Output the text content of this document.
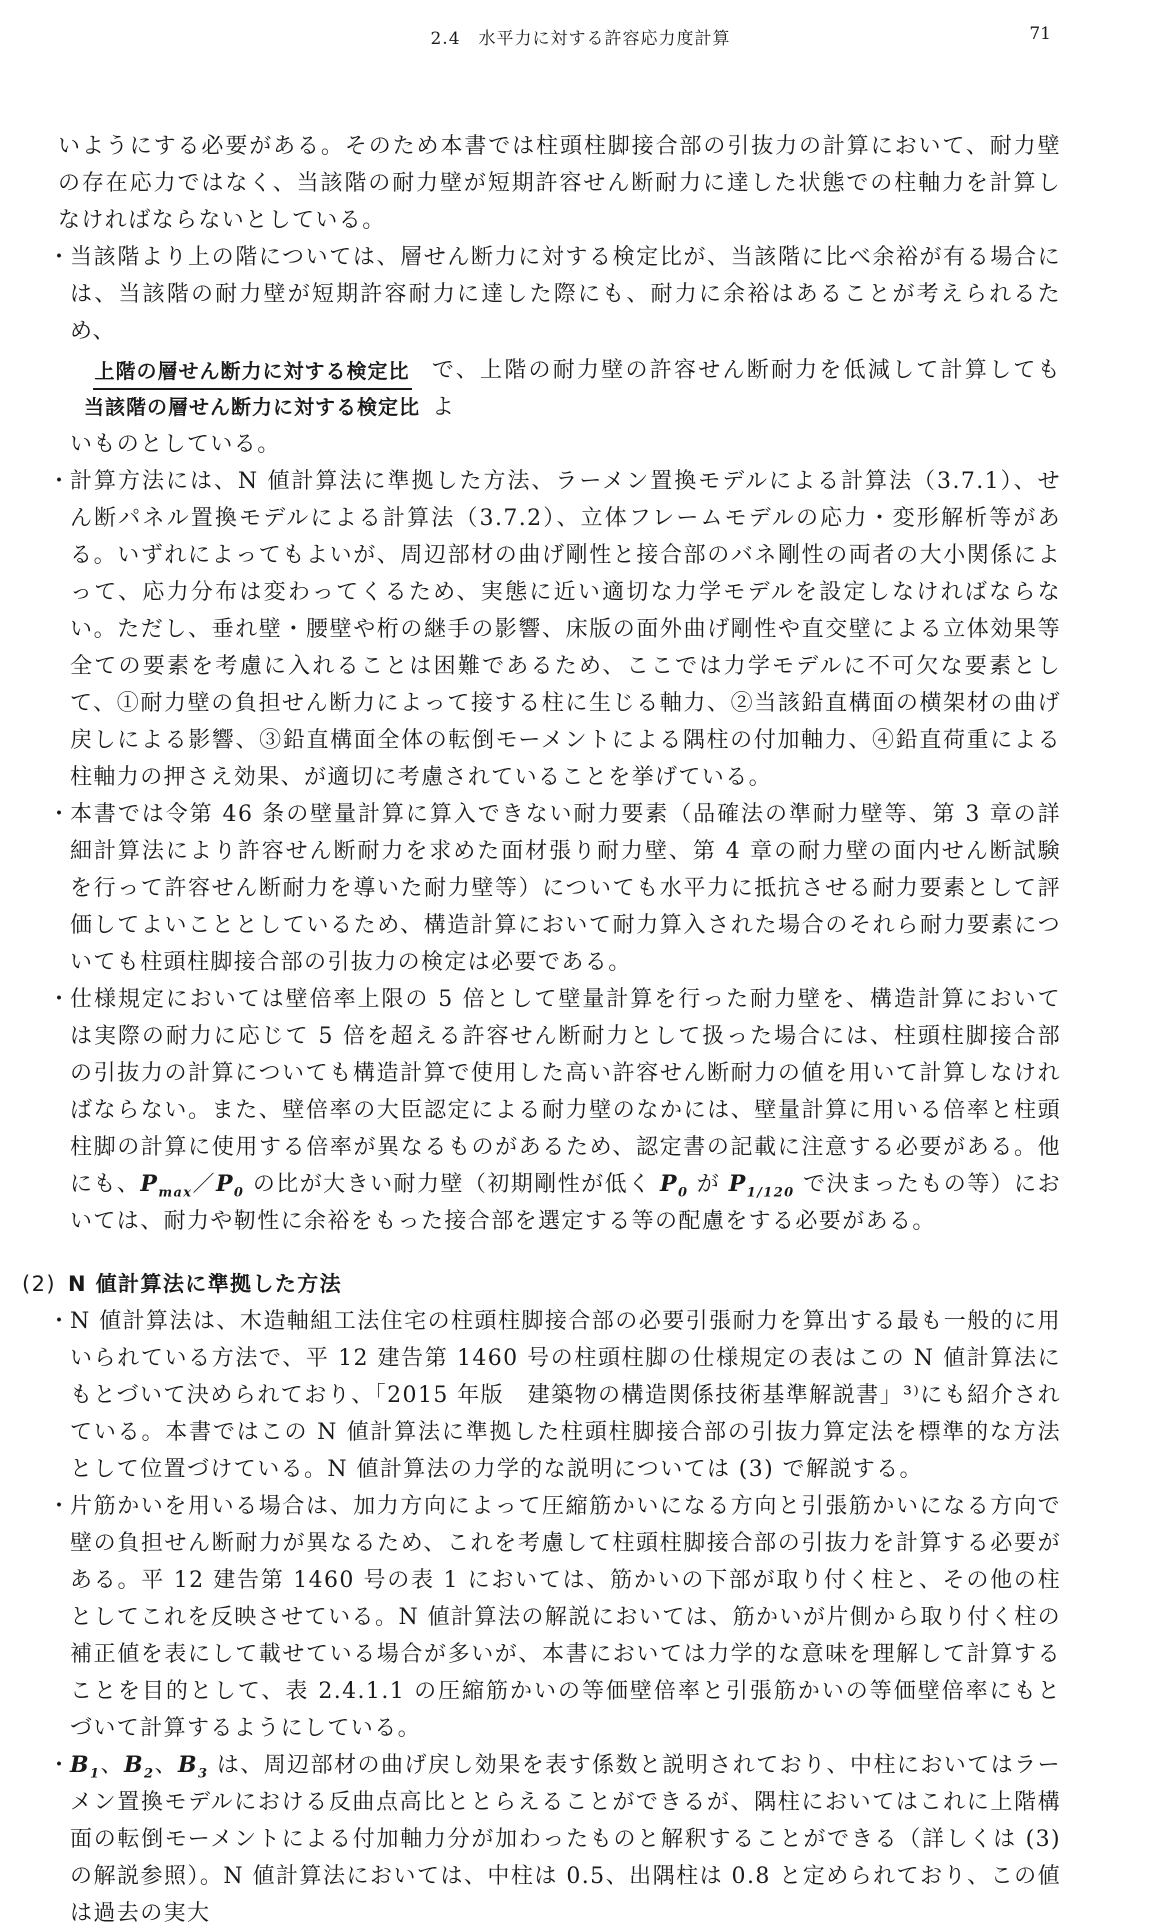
2.4　水平力に対する許容応力度計算	71

いようにする必要がある。そのため本書では柱頭柱脚接合部の引抜力の計算において、耐力壁の存在応力ではなく、当該階の耐力壁が短期許容せん断耐力に達した状態での柱軸力を計算しなければならないとしている。

・

当該階より上の階については、層せん断力に対する検定比が、当該階に比べ余裕が有る場合には、当該階の耐力壁が短期許容耐力に達した際にも、耐力に余裕はあることが考えられるため、

$\frac{\text{上階の層せん断力に対する検定比}}{\text{当該階の層せん断力に対する検定比}}$ で、上階の耐力壁の許容せん断耐力を低減して計算してもよ

いものとしている。

・

計算方法には、N 値計算法に準拠した方法、ラーメン置換モデルによる計算法（3.7.1）、せん断パネル置換モデルによる計算法（3.7.2）、立体フレームモデルの応力・変形解析等がある。いずれによってもよいが、周辺部材の曲げ剛性と接合部のバネ剛性の両者の大小関係によって、応力分布は変わってくるため、実態に近い適切な力学モデルを設定しなければならない。ただし、垂れ壁・腰壁や桁の継手の影響、床版の面外曲げ剛性や直交壁による立体効果等全ての要素を考慮に入れることは困難であるため、ここでは力学モデルに不可欠な要素として、①耐力壁の負担せん断力によって接する柱に生じる軸力、②当該鉛直構面の横架材の曲げ戻しによる影響、③鉛直構面全体の転倒モーメントによる隅柱の付加軸力、④鉛直荷重による柱軸力の押さえ効果、が適切に考慮されていることを挙げている。

・

本書では令第 46 条の壁量計算に算入できない耐力要素（品確法の準耐力壁等、第 3 章の詳細計算法により許容せん断耐力を求めた面材張り耐力壁、第 4 章の耐力壁の面内せん断試験を行って許容せん断耐力を導いた耐力壁等）についても水平力に抵抗させる耐力要素として評価してよいこととしているため、構造計算において耐力算入された場合のそれら耐力要素についても柱頭柱脚接合部の引抜力の検定は必要である。

・

仕様規定においては壁倍率上限の 5 倍として壁量計算を行った耐力壁を、構造計算においては実際の耐力に応じて 5 倍を超える許容せん断耐力として扱った場合には、柱頭柱脚接合部の引抜力の計算についても構造計算で使用した高い許容せん断耐力の値を用いて計算しなければならない。また、壁倍率の大臣認定による耐力壁のなかには、壁量計算に用いる倍率と柱頭柱脚の計算に使用する倍率が異なるものがあるため、認定書の記載に注意する必要がある。他にも、$P_{max}/P_0$ の比が大きい耐力壁（初期剛性が低く $P_0$ が $P_{1/120}$ で決まったもの等）においては、耐力や靭性に余裕をもった接合部を選定する等の配慮をする必要がある。

(2) N 値計算法に準拠した方法
・

N 値計算法は、木造軸組工法住宅の柱頭柱脚接合部の必要引張耐力を算出する最も一般的に用いられている方法で、平 12 建告第 1460 号の柱頭柱脚の仕様規定の表はこの N 値計算法にもとづいて決められており、「2015 年版　建築物の構造関係技術基準解説書」³⁾にも紹介されている。本書ではこの N 値計算法に準拠した柱頭柱脚接合部の引抜力算定法を標準的な方法として位置づけている。N 値計算法の力学的な説明については (3) で解説する。

・

片筋かいを用いる場合は、加力方向によって圧縮筋かいになる方向と引張筋かいになる方向で壁の負担せん断耐力が異なるため、これを考慮して柱頭柱脚接合部の引抜力を計算する必要がある。平 12 建告第 1460 号の表 1 においては、筋かいの下部が取り付く柱と、その他の柱としてこれを反映させている。N 値計算法の解説においては、筋かいが片側から取り付く柱の補正値を表にして載せている場合が多いが、本書においては力学的な意味を理解して計算することを目的として、表 2.4.1.1 の圧縮筋かいの等価壁倍率と引張筋かいの等価壁倍率にもとづいて計算するようにしている。

・

$B_1$、$B_2$、$B_3$ は、周辺部材の曲げ戻し効果を表す係数と説明されており、中柱においてはラーメン置換モデルにおける反曲点高比ととらえることができるが、隅柱においてはこれに上階構面の転倒モーメントによる付加軸力分が加わったものと解釈することができる（詳しくは (3) の解説参照）。N 値計算法においては、中柱は 0.5、出隅柱は 0.8 と定められており、この値は過去の実大
